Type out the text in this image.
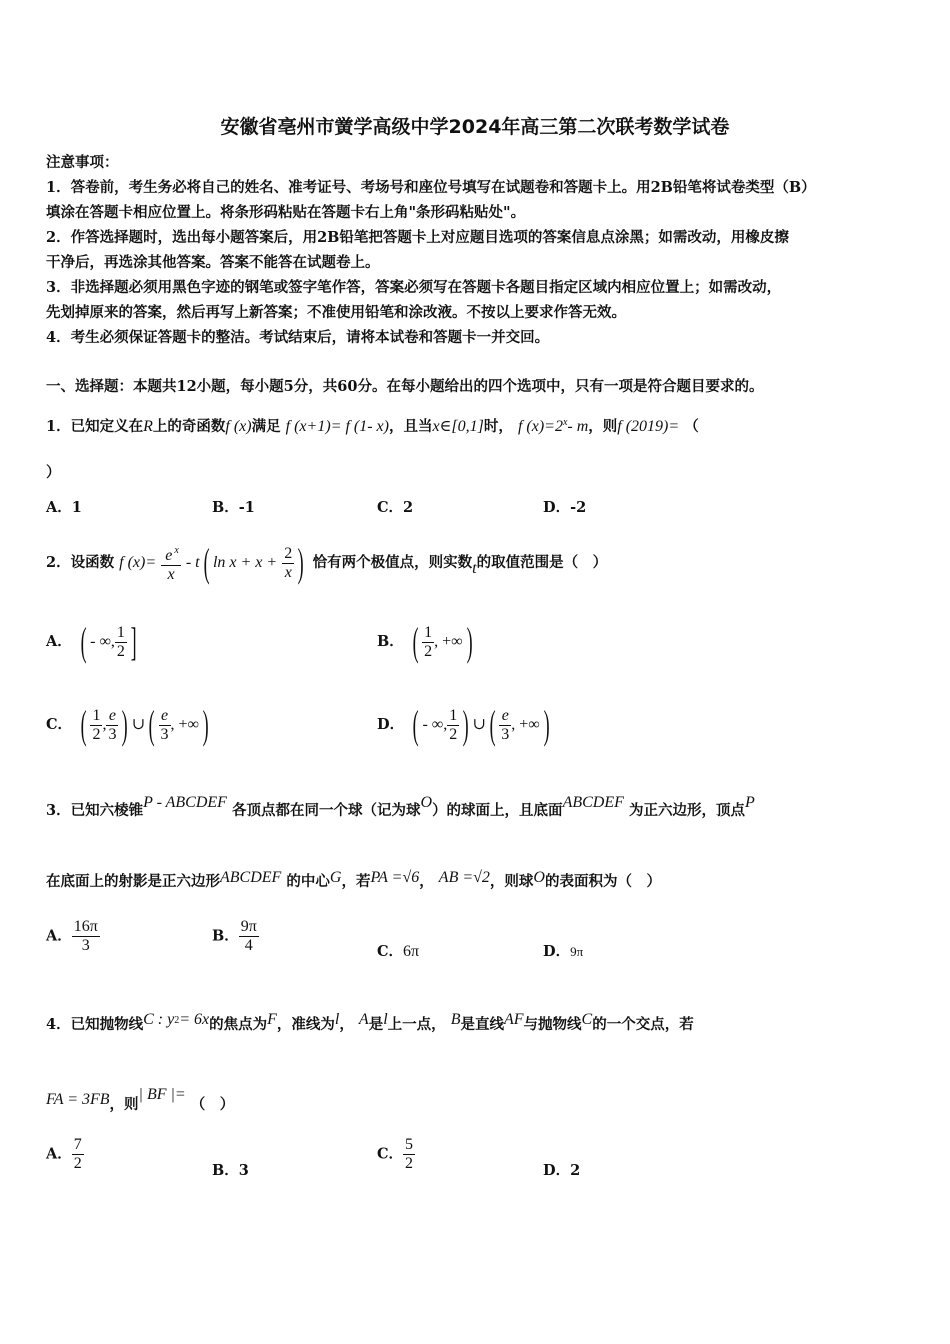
安徽省亳州市黉学高级中学2024年高三第二次联考数学试卷
注意事项：
1．答卷前，考生务必将自己的姓名、准考证号、考场号和座位号填写在试题卷和答题卡上。用2B铅笔将试卷类型（B）
填涂在答题卡相应位置上。将条形码粘贴在答题卡右上角"条形码粘贴处"。
2．作答选择题时，选出每小题答案后，用2B铅笔把答题卡上对应题目选项的答案信息点涂黑；如需改动，用橡皮擦
干净后，再选涂其他答案。答案不能答在试题卷上。
3．非选择题必须用黑色字迹的钢笔或签字笔作答，答案必须写在答题卡各题目指定区域内相应位置上；如需改动，
先划掉原来的答案，然后再写上新答案；不准使用铅笔和涂改液。不按以上要求作答无效。
4．考生必须保证答题卡的整洁。考试结束后，请将本试卷和答题卡一并交回。
一、选择题：本题共12小题，每小题5分，共60分。在每小题给出的四个选项中，只有一项是符合题目要求的。
1．已知定义在R上的奇函数f (x)满足 f (x+1)= f (1- x)，且当x∈[0,1]时， f $(x)=2^x-$ m，则f (2019)= （
）
A．1	B．-1	C．2	D．-2
2．设函数 f $(x)= \frac{e ^x}{x} - t$( $\ln x + x + \frac{2}{x}$ ) 恰有两个极值点，则实数t的取值范围是（　）
A． ( - ∞, $\frac{1}{2}$ ]	B． ( $\frac{1}{2}$ , +∞)
C． ( $\frac{1}{2}$ , $\frac{e}{3}$ ) ∪( $\frac{e}{3}$ , +∞)	D． ( - ∞, $\frac{1}{2}$ ) ∪( $\frac{e}{3}$ , +∞)
3．已知六棱锥P - ABCDEF 各顶点都在同一个球（记为球O）的球面上，且底面ABCDEF 为正六边形，顶点P
在底面上的射影是正六边形ABCDEF 的中心G，若PA =√6， AB =√2，则球O的表面积为（　）
A． $\frac{16\pi}{3}$	B． $\frac{9\pi}{4}$	C．6π	D．9π
4．已知抛物线C : $y^2= 6x$的焦点为F，准线为l， A是l上一点， B是直线AF与抛物线C的一个交点，若
FA = 3FB，则| BF |= （　）
A． $\frac{7}{2}$	B．3
C． $\frac{5}{2}$	D．2
